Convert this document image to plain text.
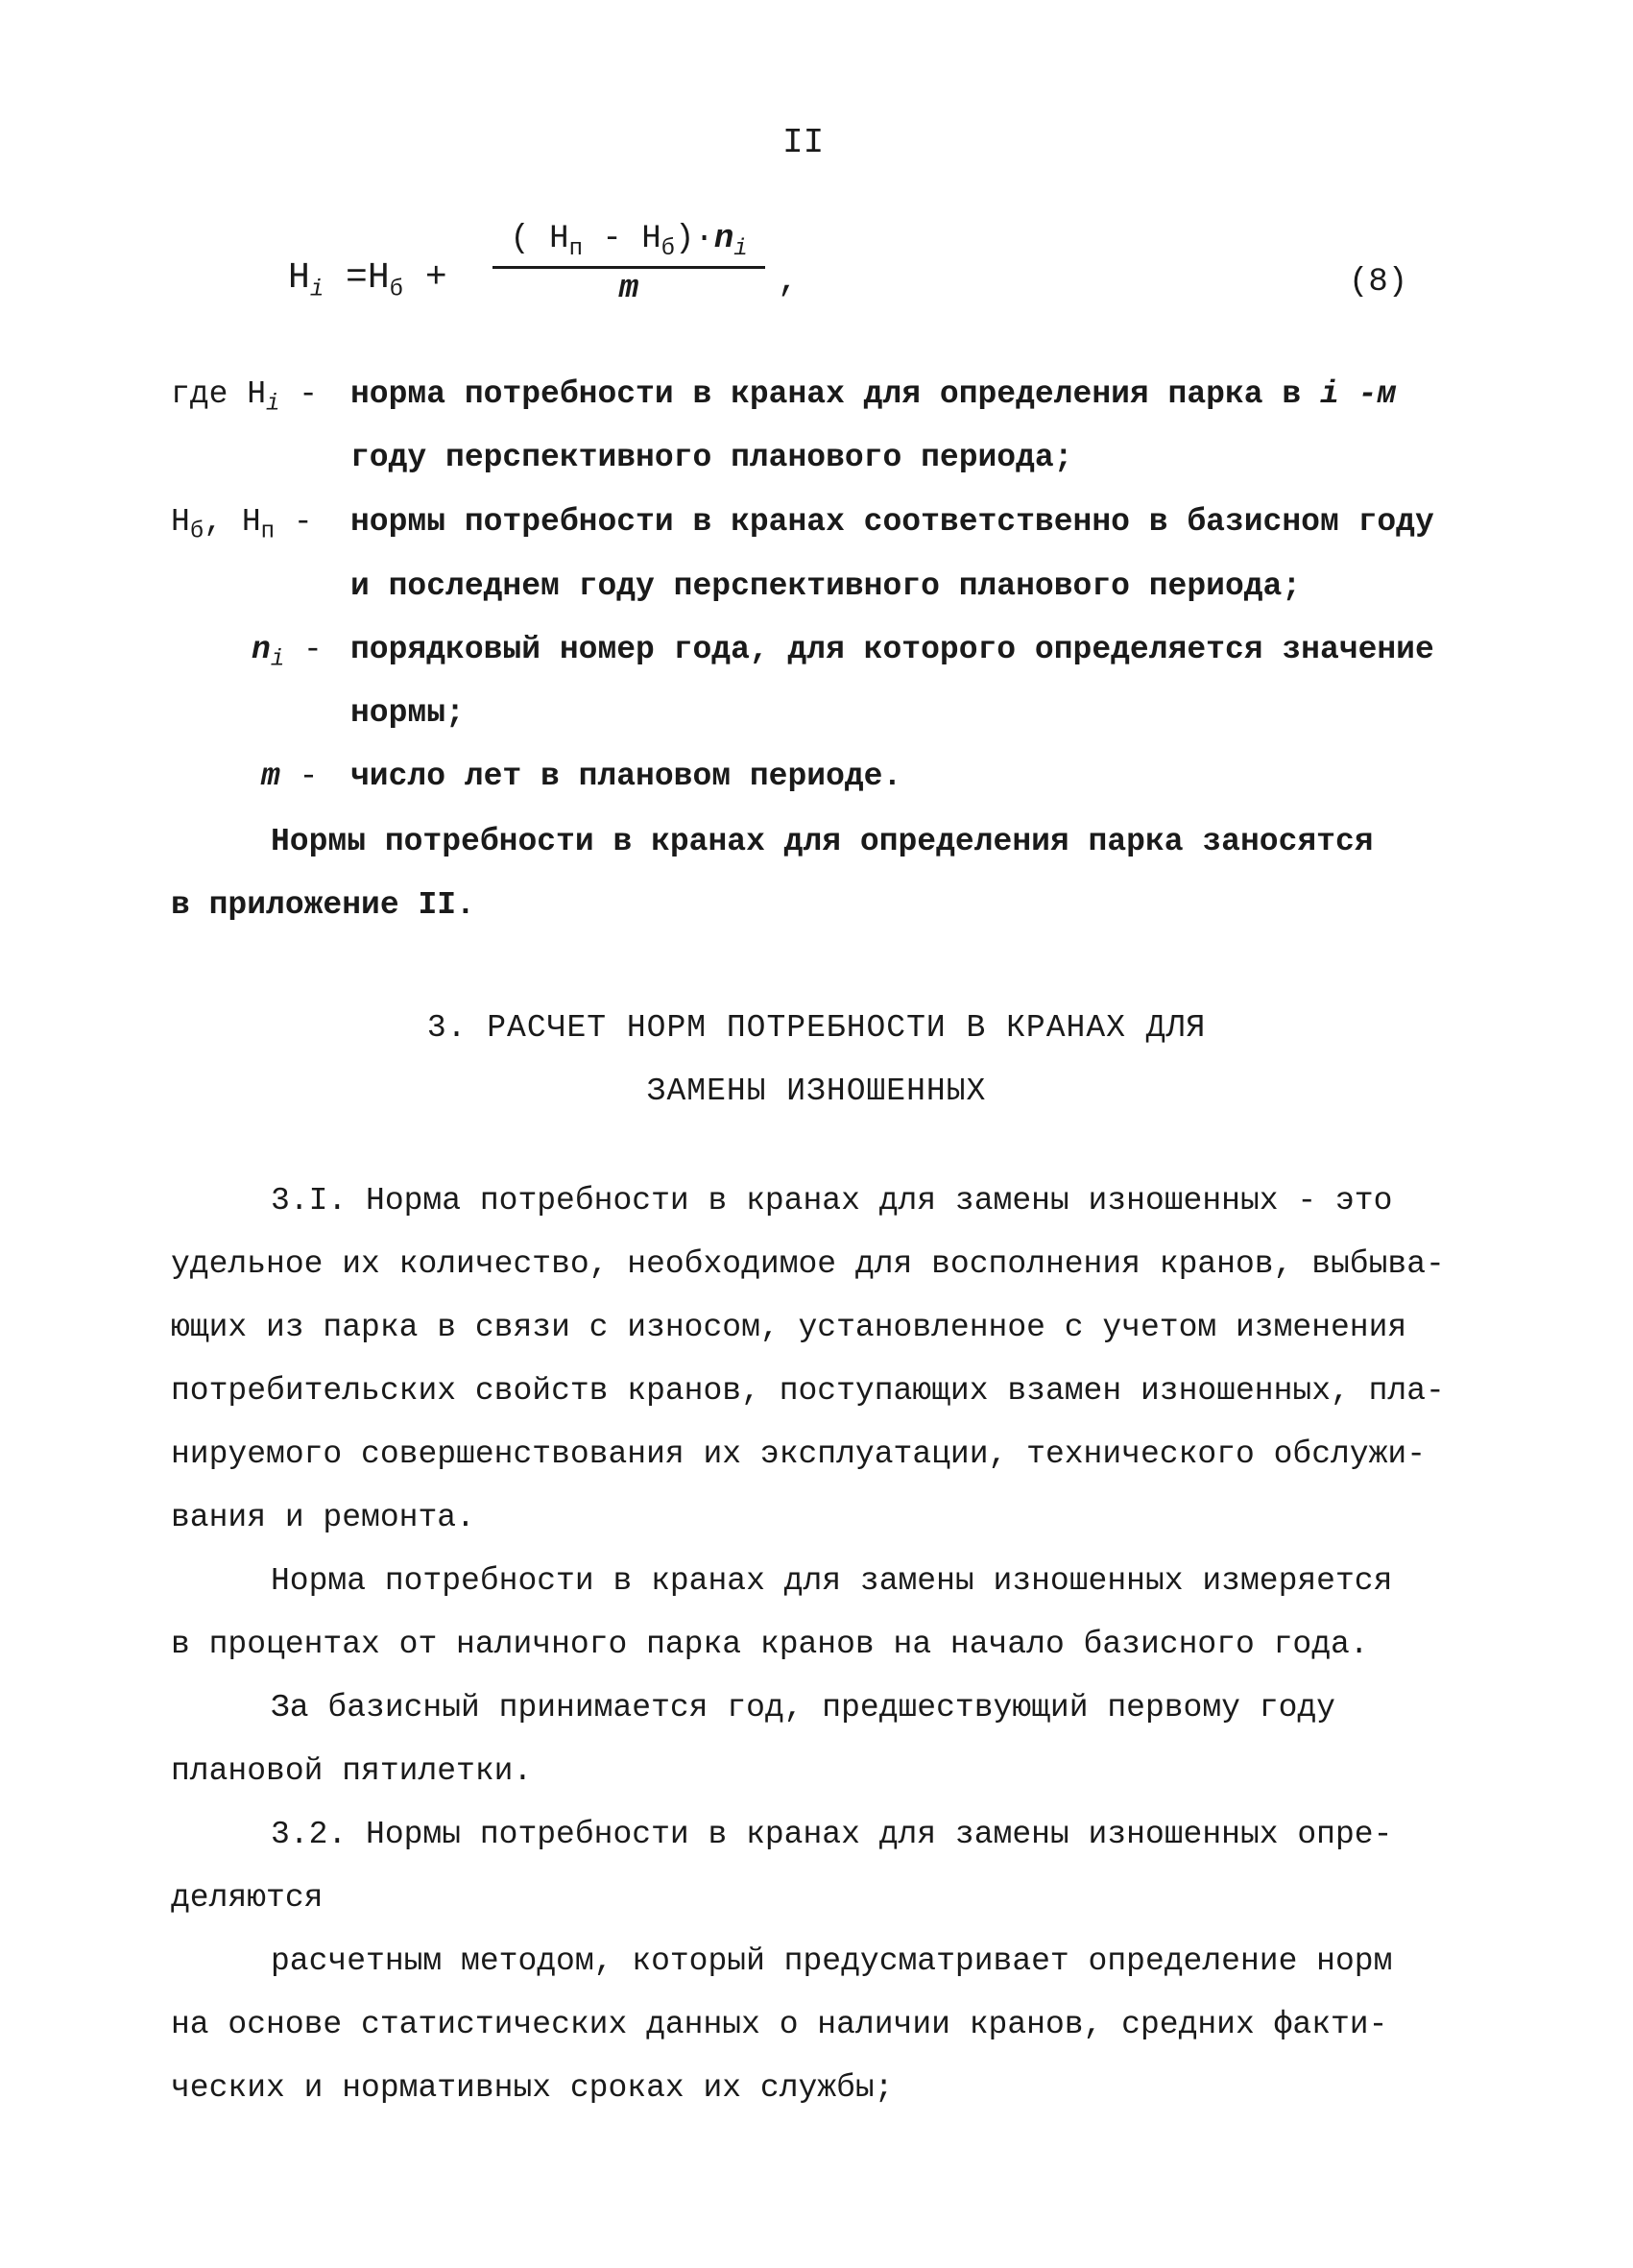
II
$Н_i =Н_б$ +
( $Н_п - Н_б)\cdot n_i$
m	,	(8)
где $Н_i$ - норма потребности в кранах для определения парка в i -м
году перспективного планового периода;
$Н_б$, $Н_п$ - нормы потребности в кранах соответственно в базисном году
и последнем году перспективного планового периода;
$n_i$ - порядковый номер года, для которого определяется значение
нормы;
m - число лет в плановом периоде.
Нормы потребности в кранах для определения парка заносятся
в приложение II.
3. РАСЧЕТ НОРМ ПОТРЕБНОСТИ В КРАНАХ ДЛЯ
ЗАМЕНЫ ИЗНОШЕННЫХ
3.I. Норма потребности в кранах для замены изношенных - это
удельное их количество, необходимое для восполнения кранов, выбыва-
ющих из парка в связи с износом, установленное с учетом изменения
потребительских свойств кранов, поступающих взамен изношенных, пла-
нируемого совершенствования их эксплуатации, технического обслужи-
вания и ремонта.
Норма потребности в кранах для замены изношенных измеряется
в процентах от наличного парка кранов на начало базисного года.
За базисный принимается год, предшествующий первому году
плановой пятилетки.
3.2. Нормы потребности в кранах для замены изношенных опре-
деляются
расчетным методом, который предусматривает определение норм
на основе статистических данных о наличии кранов, средних факти-
ческих и нормативных сроках их службы;
